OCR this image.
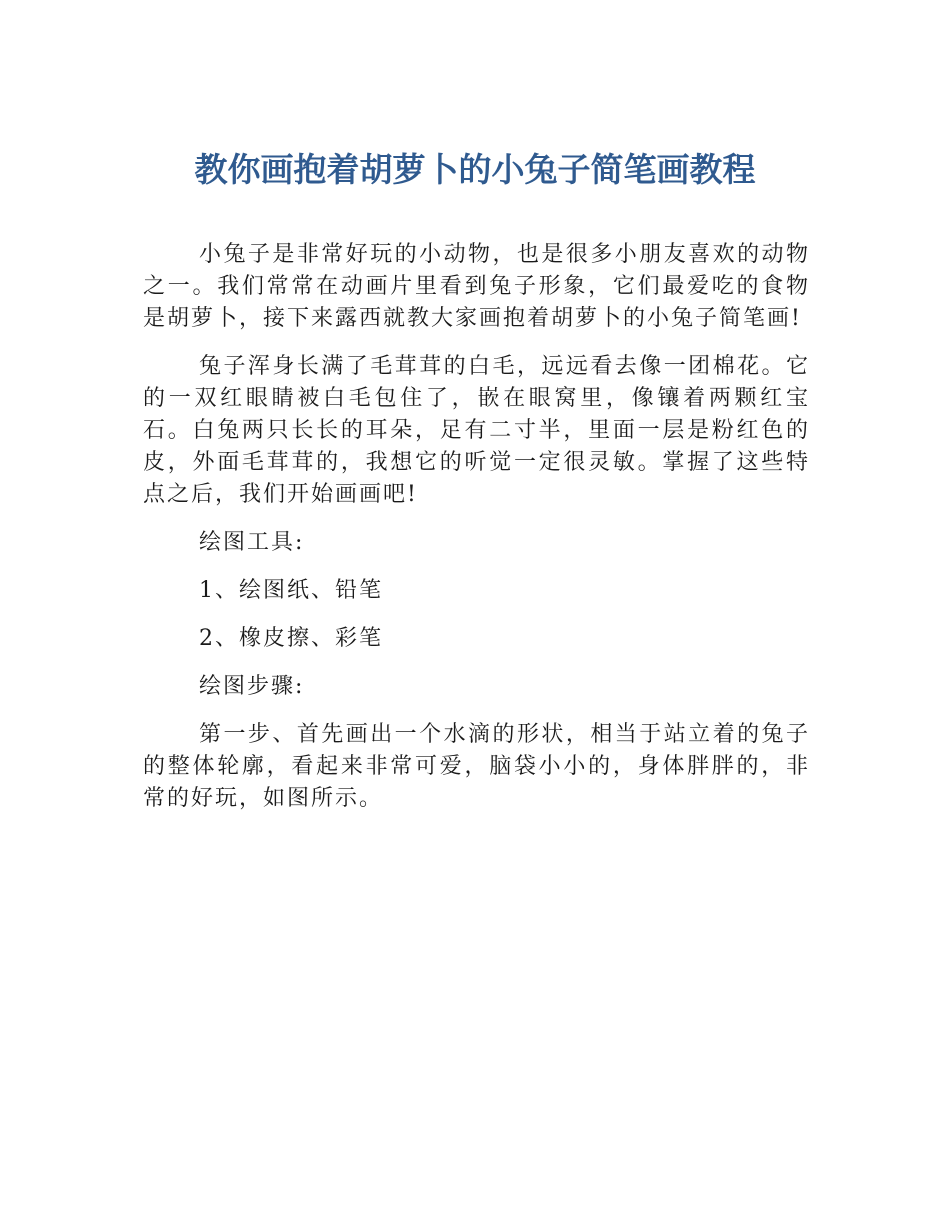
教你画抱着胡萝卜的小兔子简笔画教程

小兔子是非常好玩的小动物，也是很多小朋友喜欢的动物之一。我们常常在动画片里看到兔子形象，它们最爱吃的食物是胡萝卜，接下来露西就教大家画抱着胡萝卜的小兔子简笔画!

兔子浑身长满了毛茸茸的白毛，远远看去像一团棉花。它的一双红眼睛被白毛包住了，嵌在眼窝里，像镶着两颗红宝石。白兔两只长长的耳朵，足有二寸半，里面一层是粉红色的皮，外面毛茸茸的，我想它的听觉一定很灵敏。掌握了这些特点之后，我们开始画画吧!

绘图工具:

1、绘图纸、铅笔

2、橡皮擦、彩笔

绘图步骤:

第一步、首先画出一个水滴的形状，相当于站立着的兔子的整体轮廓，看起来非常可爱，脑袋小小的，身体胖胖的，非常的好玩，如图所示。
